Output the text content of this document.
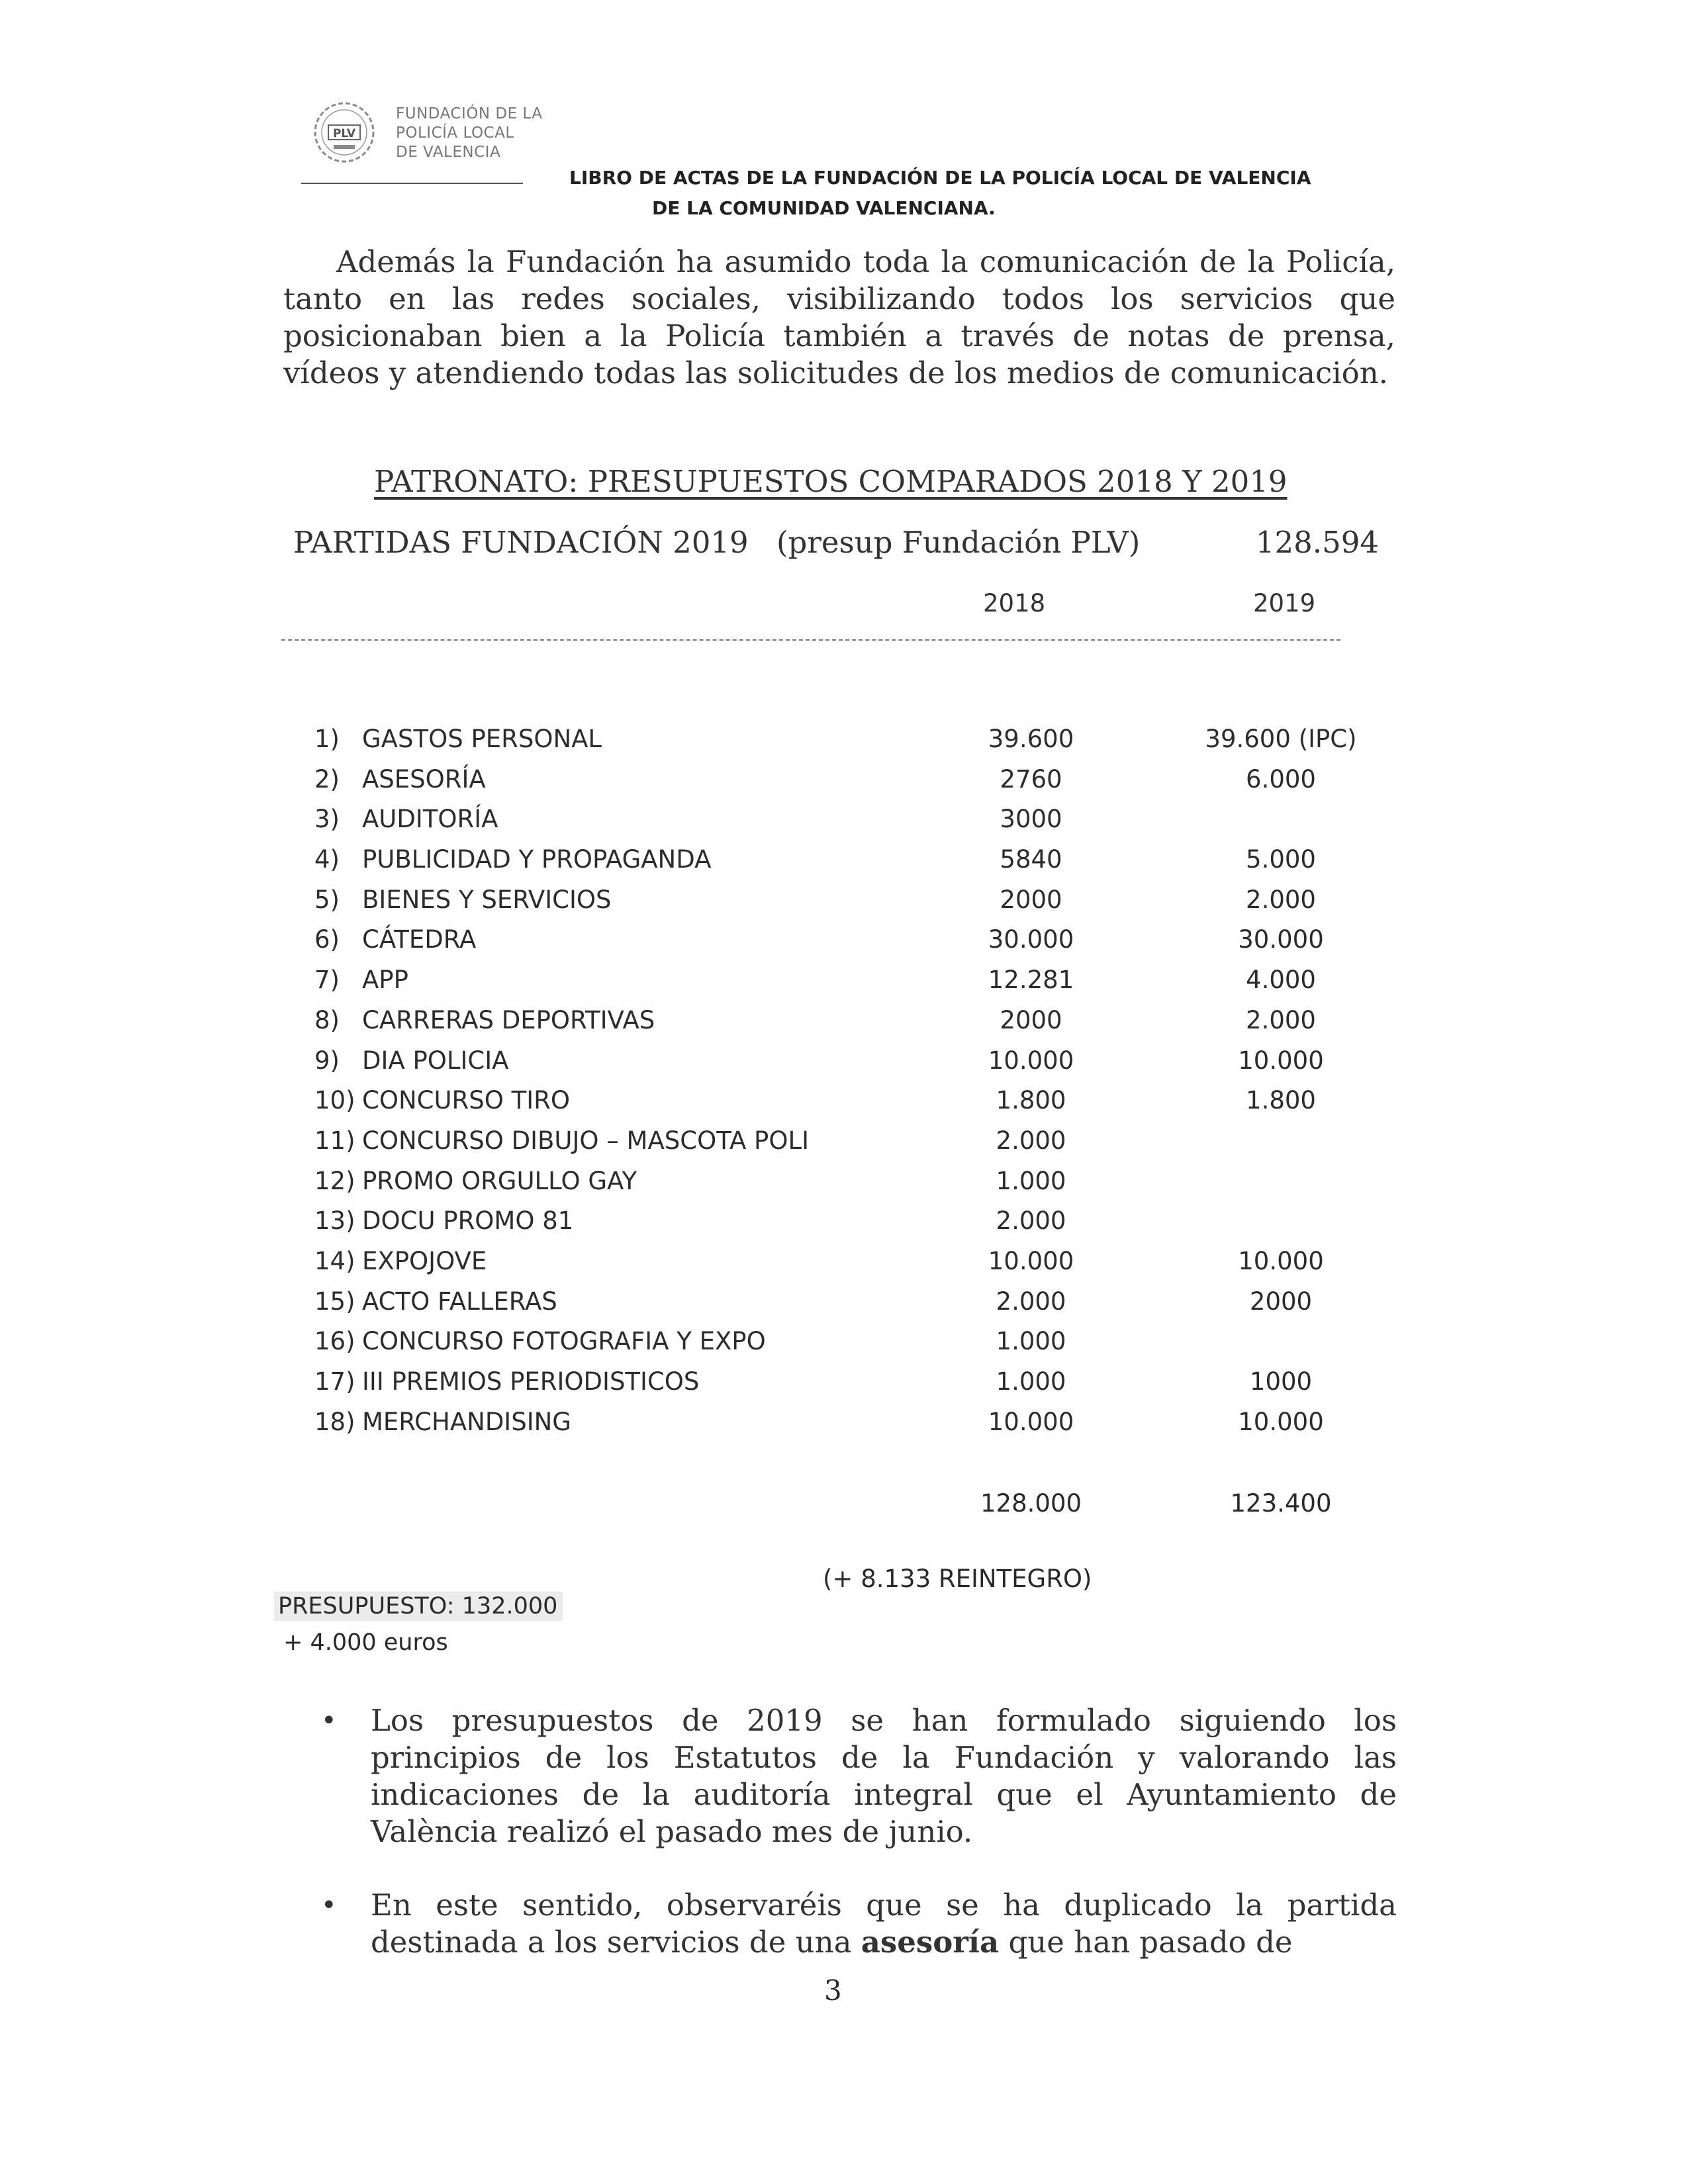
PLV
FUNDACIÓN DE LA
POLICÍA LOCAL
DE VALENCIA
LIBRO DE ACTAS DE LA FUNDACIÓN DE LA POLICÍA LOCAL DE VALENCIA
DE LA COMUNIDAD VALENCIANA.
Además la Fundación ha asumido toda la comunicación de la Policía, tanto en las redes sociales, visibilizando todos los servicios que posicionaban bien a la Policía también a través de notas de prensa, vídeos y atendiendo todas las solicitudes de los medios de comunicación.
PATRONATO: PRESUPUESTOS COMPARADOS 2018 Y 2019
PARTIDAS FUNDACIÓN 2019 (presup Fundación PLV)	128.594
2018	2019
1) GASTOS PERSONAL	39.600	39.600 (IPC)
2) ASESORÍA	2760	6.000
3) AUDITORÍA	3000
4) PUBLICIDAD Y PROPAGANDA	5840	5.000
5) BIENES Y SERVICIOS	2000	2.000
6) CÁTEDRA	30.000	30.000
7) APP	12.281	4.000
8) CARRERAS DEPORTIVAS	2000	2.000
9) DIA POLICIA	10.000	10.000
10) CONCURSO TIRO	1.800	1.800
11) CONCURSO DIBUJO – MASCOTA POLI	2.000
12) PROMO ORGULLO GAY	1.000
13) DOCU PROMO 81	2.000
14) EXPOJOVE	10.000	10.000
15) ACTO FALLERAS	2.000	2000
16) CONCURSO FOTOGRAFIA Y EXPO	1.000
17) III PREMIOS PERIODISTICOS	1.000	1000
18) MERCHANDISING	10.000	10.000
128.000	123.400
(+ 8.133 REINTEGRO)
PRESUPUESTO: 132.000
+ 4.000 euros
• Los presupuestos de 2019 se han formulado siguiendo los principios de los Estatutos de la Fundación y valorando las indicaciones de la auditoría integral que el Ayuntamiento de València realizó el pasado mes de junio.
• En este sentido, observaréis que se ha duplicado la partida destinada a los servicios de una asesoría que han pasado de
3
